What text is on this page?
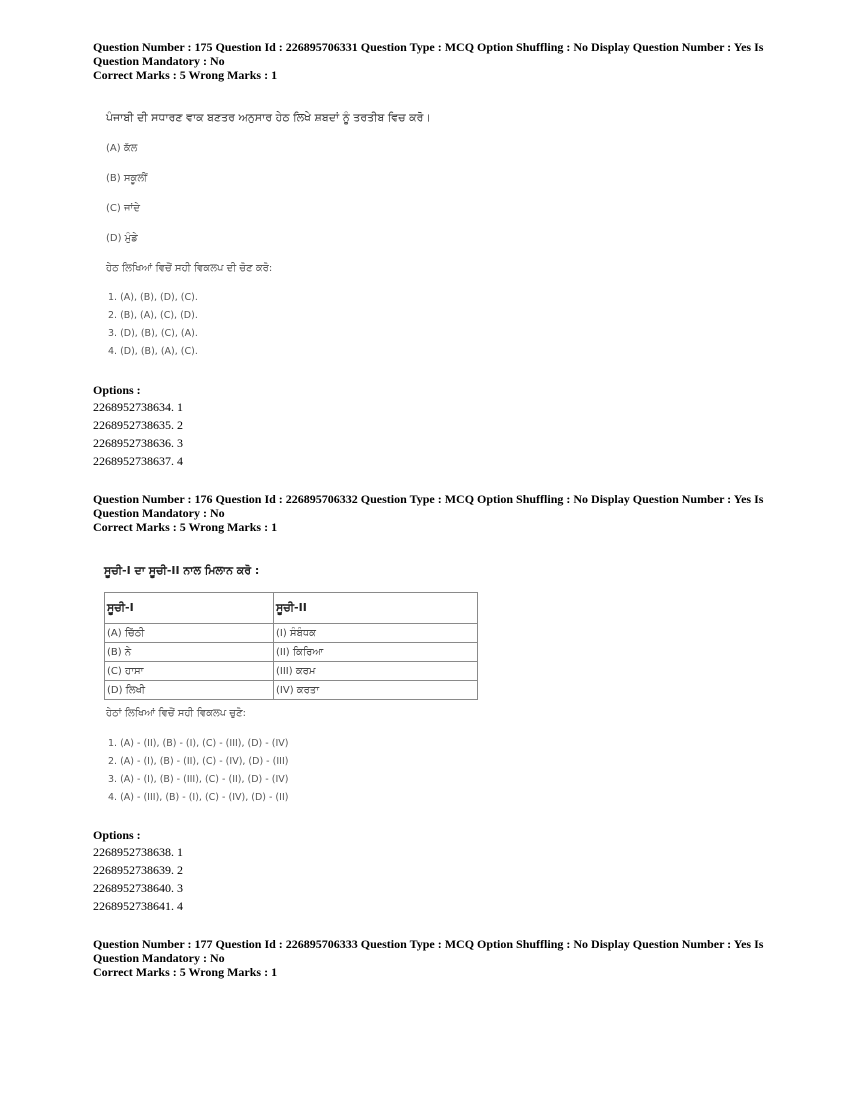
Question Number : 175 Question Id : 226895706331 Question Type : MCQ Option Shuffling : No Display Question Number : Yes Is
Question Mandatory : No
Correct Marks : 5 Wrong Marks : 1
ਪੰਜਾਬੀ ਦੀ ਸਧਾਰਣ ਵਾਕ ਬਣਤਰ ਅਨੁਸਾਰ ਹੇਠ ਲਿਖੇ ਸ਼ਬਦਾਂ ਨੂੰ ਤਰਤੀਬ ਵਿਚ ਕਰੋ।
(A) ਕੱਲ
(B) ਸਕੂਲੀਂ
(C) ਜਾਂਦੇ
(D) ਮੁੰਡੇ
ਹੇਠ ਲਿਖਿਆਂ ਵਿਚੋਂ ਸਹੀ ਵਿਕਲਪ ਦੀ ਚੋਣ ਕਰੋ:
1. (A), (B), (D), (C).
2. (B), (A), (C), (D).
3. (D), (B), (C), (A).
4. (D), (B), (A), (C).
Options :
2268952738634. 1
2268952738635. 2
2268952738636. 3
2268952738637. 4
Question Number : 176 Question Id : 226895706332 Question Type : MCQ Option Shuffling : No Display Question Number : Yes Is
Question Mandatory : No
Correct Marks : 5 Wrong Marks : 1
ਸੂਚੀ-I ਦਾ ਸੂਚੀ-II ਨਾਲ ਮਿਲਾਨ ਕਰੋ :
ਸੂਚੀ-I	ਸੂਚੀ-II
(A) ਚਿੱਠੀ	(I) ਸੰਬੰਧਕ
(B) ਨੇ	(II) ਕਿਰਿਆ
(C) ਹਾਸਾ	(III) ਕਰਮ
(D) ਲਿਖੀ	(IV) ਕਰਤਾ
ਹੇਠਾਂ ਲਿਖਿਆਂ ਵਿਚੋਂ ਸਹੀ ਵਿਕਲਪ ਚੁਣੋ:
1. (A) - (II), (B) - (I), (C) - (III), (D) - (IV)
2. (A) - (I), (B) - (II), (C) - (IV), (D) - (III)
3. (A) - (I), (B) - (III), (C) - (II), (D) - (IV)
4. (A) - (III), (B) - (I), (C) - (IV), (D) - (II)
Options :
2268952738638. 1
2268952738639. 2
2268952738640. 3
2268952738641. 4
Question Number : 177 Question Id : 226895706333 Question Type : MCQ Option Shuffling : No Display Question Number : Yes Is
Question Mandatory : No
Correct Marks : 5 Wrong Marks : 1
